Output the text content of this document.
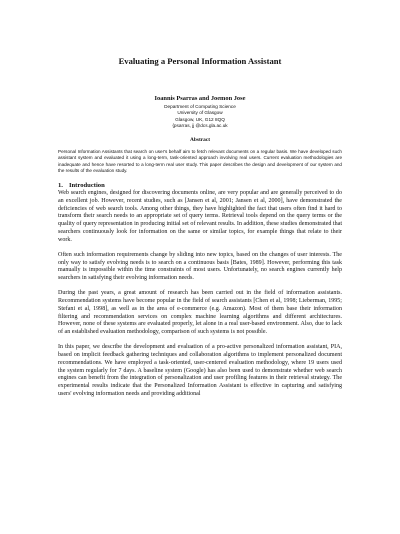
Evaluating a Personal Information Assistant
Ioannis Psarras and Joemon Jose
Department of Computing Science
University of Glasgow
Glasgow, UK, G12 8QQ
{psarras, jj @dcs.gla.ac.uk
Abstract

Personal Information Assistants that search on user's behalf aim to fetch relevant documents on a regular basis. We have developed such assistant system and evaluated it using a long-term, task-oriented approach involving real users. Current evaluation methodologies are inadequate and hence have resorted to a long-term real user study. This paper describes the design and development of our system and the results of the evaluation study.

1. Introduction

Web search engines, designed for discovering documents online, are very popular and are generally perceived to do an excellent job. However, recent studies, such as [Jansen et al, 2001; Jansen et al, 2000], have demonstrated the deficiencies of web search tools. Among other things, they have highlighted the fact that users often find it hard to transform their search needs to an appropriate set of query terms. Retrieval tools depend on the query terms or the quality of query representation in producing initial set of relevant results. In addition, these studies demonstrated that searchers continuously look for information on the same or similar topics, for example things that relate to their work.

Often such information requirements change by sliding into new topics, based on the changes of user interests. The only way to satisfy evolving needs is to search on a continuous basis [Bates, 1989]. However, performing this task manually is impossible within the time constraints of most users. Unfortunately, no search engines currently help searchers in satisfying their evolving information needs.

During the past years, a great amount of research has been carried out in the field of information assistants. Recommendation systems have become popular in the field of search assistants [Chen et al, 1998; Lieberman, 1995; Stefani et al, 1998], as well as in the area of e-commerce (e.g. Amazon). Most of them base their information filtering and recommendation services on complex machine learning algorithms and different architectures. However, none of these systems are evaluated properly, let alone in a real user-based environment. Also, due to lack of an established evaluation methodology, comparison of such systems is not possible.

In this paper, we describe the development and evaluation of a pro-active personalized information assistant, PIA, based on implicit feedback gathering techniques and collaboration algorithms to implement personalized document recommendations. We have employed a task-oriented, user-centered evaluation methodology, where 19 users used the system regularly for 7 days. A baseline system (Google) has also been used to demonstrate whether web search engines can benefit from the integration of personalization and user profiling features in their retrieval strategy. The experimental results indicate that the Personalized Information Assistant is effective in capturing and satisfying users' evolving information needs and providing additional
